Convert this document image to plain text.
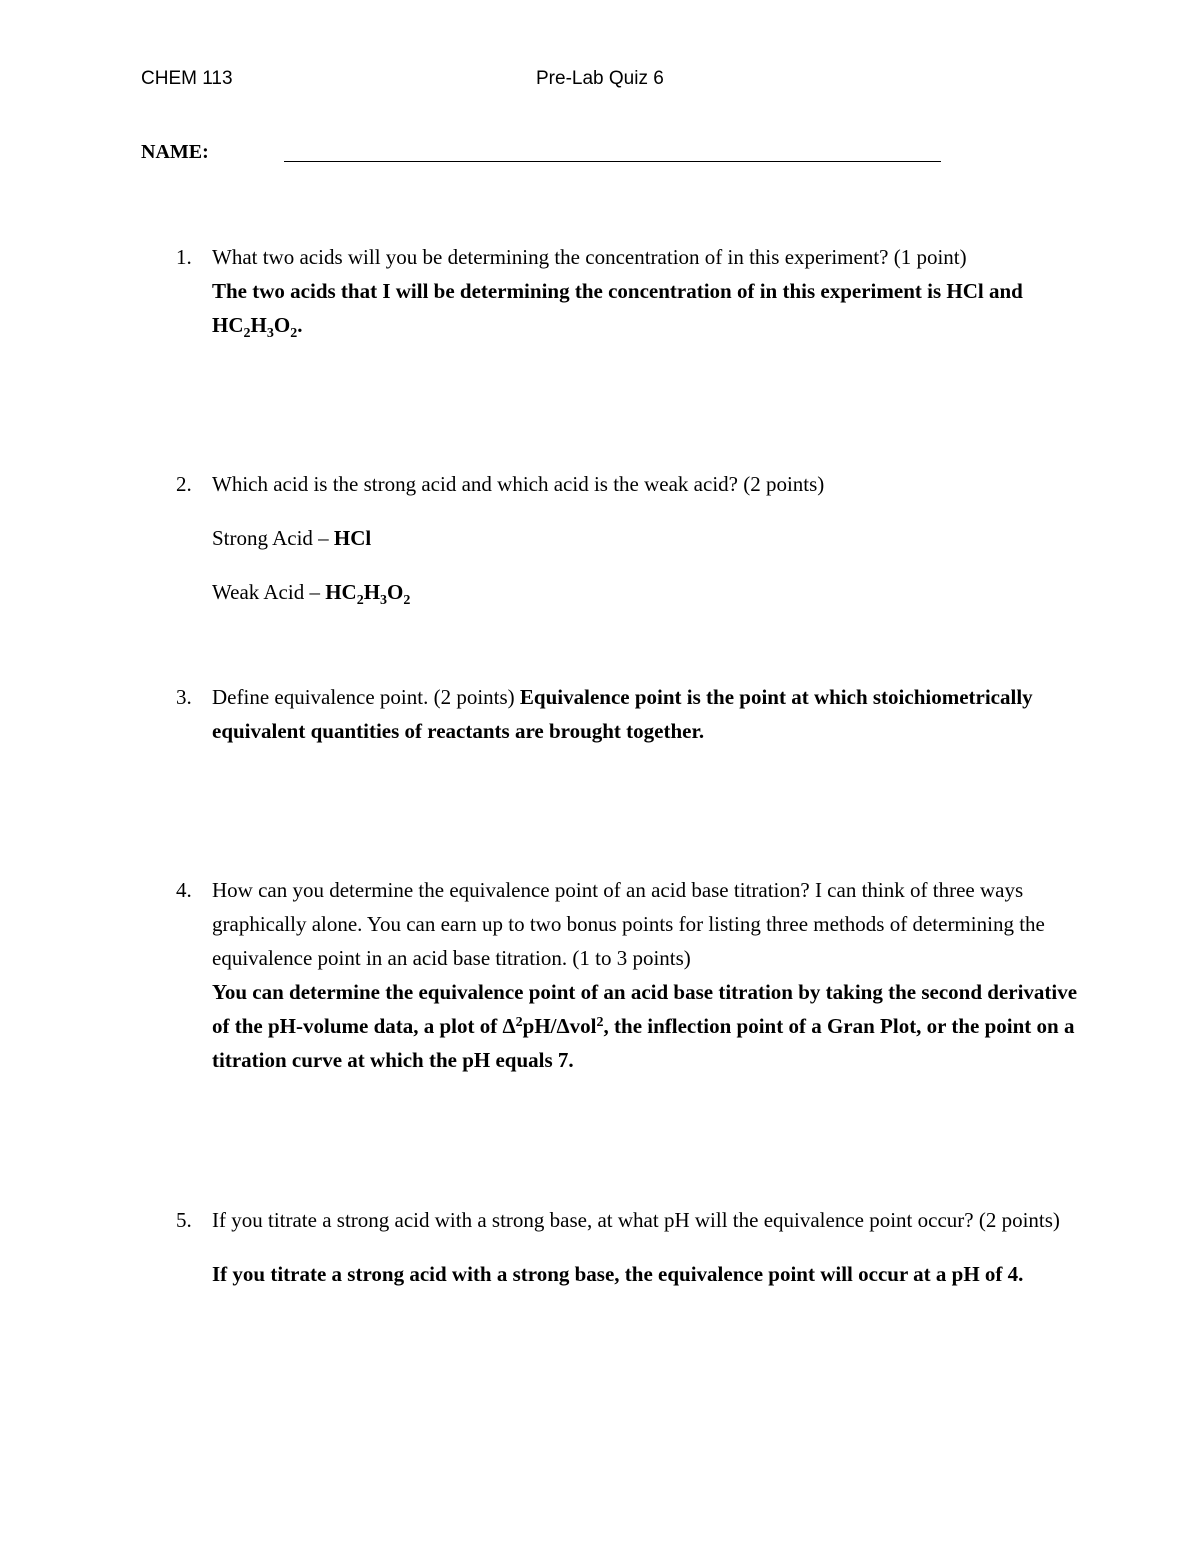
CHEM 113	Pre-Lab Quiz 6
NAME:
1. What two acids will you be determining the concentration of in this experiment? (1 point)
The two acids that I will be determining the concentration of in this experiment is HCl and $HC_2H_3O_2$.
2. Which acid is the strong acid and which acid is the weak acid? (2 points)
Strong Acid – HCl
Weak Acid – $HC_2H_3O_2$
3. Define equivalence point. (2 points) Equivalence point is the point at which stoichiometrically equivalent quantities of reactants are brought together.
4. How can you determine the equivalence point of an acid base titration? I can think of three ways graphically alone. You can earn up to two bonus points for listing three methods of determining the equivalence point in an acid base titration. (1 to 3 points)
You can determine the equivalence point of an acid base titration by taking the second derivative of the pH-volume data, a plot of $\Delta^2pH/\Delta vol^2$, the inflection point of a Gran Plot, or the point on a titration curve at which the pH equals 7.
5. If you titrate a strong acid with a strong base, at what pH will the equivalence point occur? (2 points)
If you titrate a strong acid with a strong base, the equivalence point will occur at a pH of 4.
